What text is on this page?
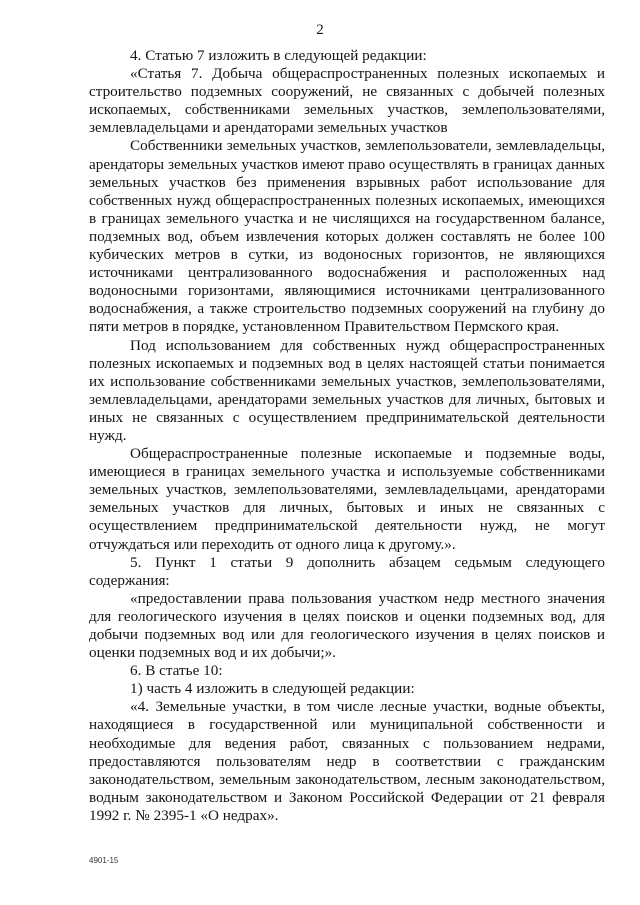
2

4. Статью 7 изложить в следующей редакции:

«Статья 7. Добыча общераспространенных полезных ископаемых и строительство подземных сооружений, не связанных с добычей полезных ископаемых, собственниками земельных участков, землепользователями, землевладельцами и арендаторами земельных участков

Собственники земельных участков, землепользователи, землевладельцы, арендаторы земельных участков имеют право осуществлять в границах данных земельных участков без применения взрывных работ использование для собственных нужд общераспространенных полезных ископаемых, имеющихся в границах земельного участка и не числящихся на государственном балансе, подземных вод, объем извлечения которых должен составлять не более 100 кубических метров в сутки, из водоносных горизонтов, не являющихся источниками централизованного водоснабжения и расположенных над водоносными горизонтами, являющимися источниками централизованного водоснабжения, а также строительство подземных сооружений на глубину до пяти метров в порядке, установленном Правительством Пермского края.

Под использованием для собственных нужд общераспространенных полезных ископаемых и подземных вод в целях настоящей статьи понимается их использование собственниками земельных участков, землепользователями, землевладельцами, арендаторами земельных участков для личных, бытовых и иных не связанных с осуществлением предпринимательской деятельности нужд.

Общераспространенные полезные ископаемые и подземные воды, имеющиеся в границах земельного участка и используемые собственниками земельных участков, землепользователями, землевладельцами, арендаторами земельных участков для личных, бытовых и иных не связанных с осуществлением предпринимательской деятельности нужд, не могут отчуждаться или переходить от одного лица к другому.».

5. Пункт 1 статьи 9 дополнить абзацем седьмым следующего содержания:

«предоставлении права пользования участком недр местного значения для геологического изучения в целях поисков и оценки подземных вод, для добычи подземных вод или для геологического изучения в целях поисков и оценки подземных вод и их добычи;».

6. В статье 10:

1) часть 4 изложить в следующей редакции:

«4. Земельные участки, в том числе лесные участки, водные объекты, находящиеся в государственной или муниципальной собственности и необходимые для ведения работ, связанных с пользованием недрами, предоставляются пользователям недр в соответствии с гражданским законодательством, земельным законодательством, лесным законодательством, водным законодательством и Законом Российской Федерации от 21 февраля 1992 г. № 2395-1 «О недрах».

4901-15
